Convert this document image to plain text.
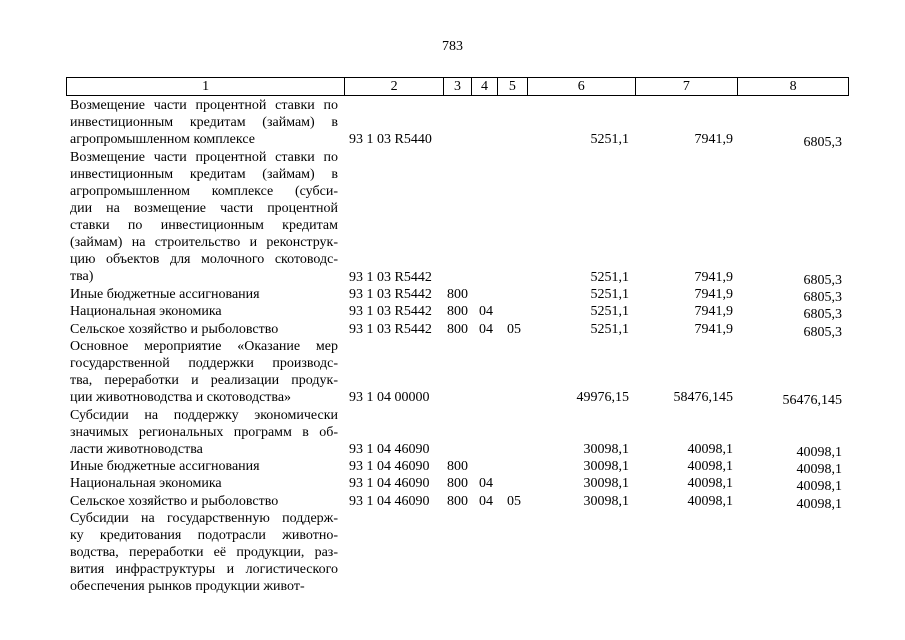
783
1	2	3	4	5	6	7	8
Возмещение части процентной ставки по
инвестиционным кредитам (займам) в
агропромышленном комплексе	93 1 03 R5440	5251,1	7941,9	6805,3
Возмещение части процентной ставки по
инвестиционным кредитам (займам) в
агропромышленном комплексе (субси-
дии на возмещение части процентной
ставки по инвестиционным кредитам
(займам) на строительство и реконструк-
цию объектов для молочного скотоводс-
тва)	93 1 03 R5442	5251,1	7941,9	6805,3
Иные бюджетные ассигнования	93 1 03 R5442 800	5251,1	7941,9	6805,3
Национальная экономика	93 1 03 R5442 800 04	5251,1	7941,9	6805,3
Сельское хозяйство и рыболовство	93 1 03 R5442 800 04 05	5251,1	7941,9	6805,3
Основное мероприятие «Оказание мер
государственной поддержки производс-
тва, переработки и реализации продук-
ции животноводства и скотоводства»	93 1 04 00000	49976,15	58476,145	56476,145
Субсидии на поддержку экономически
значимых региональных программ в об-
ласти животноводства	93 1 04 46090	30098,1	40098,1	40098,1
Иные бюджетные ассигнования	93 1 04 46090 800	30098,1	40098,1	40098,1
Национальная экономика	93 1 04 46090 800 04	30098,1	40098,1	40098,1
Сельское хозяйство и рыболовство	93 1 04 46090 800 04 05	30098,1	40098,1	40098,1
Субсидии на государственную поддерж-
ку кредитования подотрасли животно-
водства, переработки её продукции, раз-
вития инфраструктуры и логистического
обеспечения рынков продукции живот-
